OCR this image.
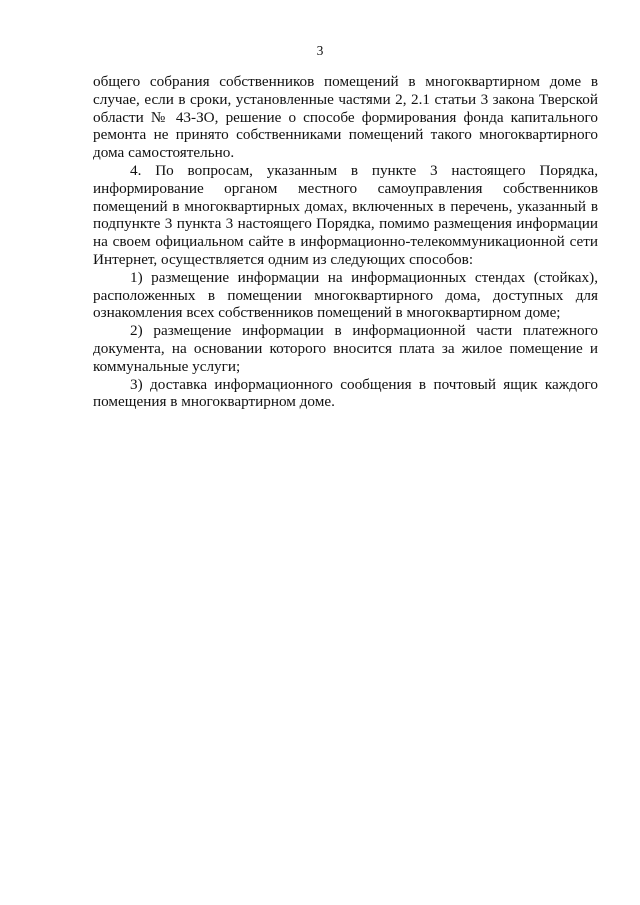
3

общего собрания собственников помещений в многоквартирном доме в случае, если в сроки, установленные частями 2, 2.1 статьи 3 закона Тверской области № 43-ЗО, решение о способе формирования фонда капитального ремонта не принято собственниками помещений такого многоквартирного дома самостоятельно.

4. По вопросам, указанным в пункте 3 настоящего Порядка, информирование органом местного самоуправления собственников помещений в многоквартирных домах, включенных в перечень, указанный в подпункте 3 пункта 3 настоящего Порядка, помимо размещения информации на своем официальном сайте в информационно-телекоммуникационной сети Интернет, осуществляется одним из следующих способов:

1) размещение информации на информационных стендах (стойках), расположенных в помещении многоквартирного дома, доступных для ознакомления всех собственников помещений в многоквартирном доме;

2) размещение информации в информационной части платежного документа, на основании которого вносится плата за жилое помещение и коммунальные услуги;

3) доставка информационного сообщения в почтовый ящик каждого помещения в многоквартирном доме.
